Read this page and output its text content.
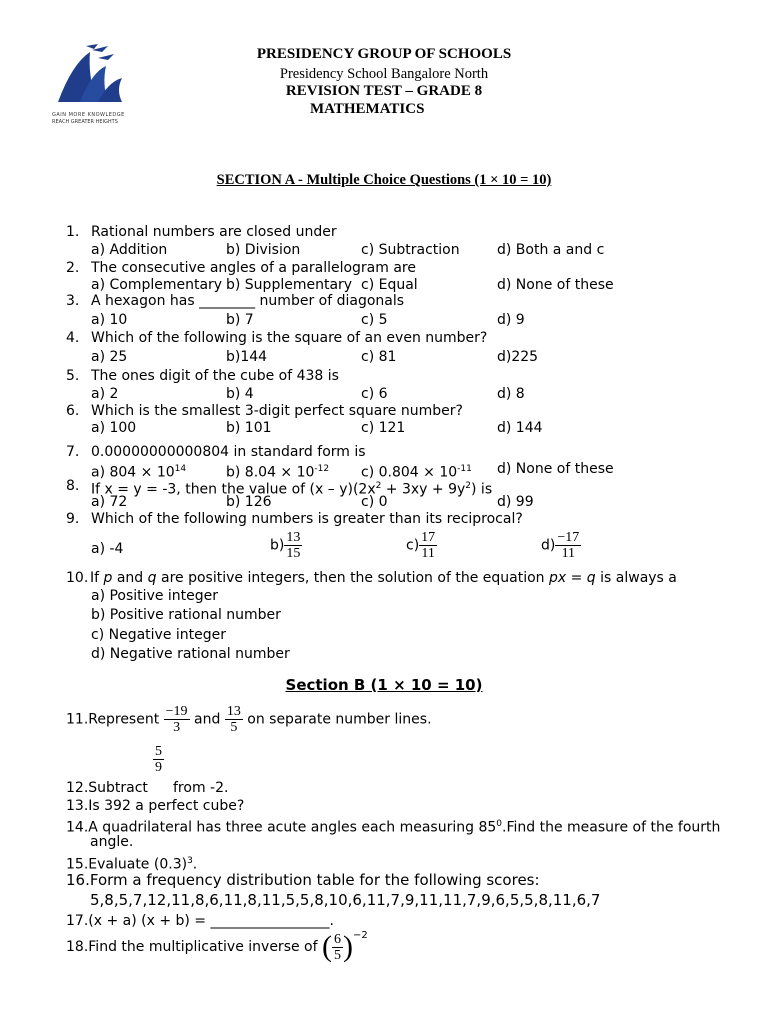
GAIN MORE KNOWLEDGE
REACH GREATER HEIGHTS
PRESIDENCY GROUP OF SCHOOLS
Presidency School Bangalore North
REVISION TEST – GRADE 8
MATHEMATICS
SECTION A - Multiple Choice Questions (1 × 10 = 10)
1. Rational numbers are closed under
a) Addition	b) Division	c) Subtraction	d) Both a and c
2. The consecutive angles of a parallelogram are
a) Complementary b) Supplementary c) Equal	d) None of these
3. A hexagon has ________ number of diagonals
a) 10	b) 7	c) 5	d) 9
4. Which of the following is the square of an even number?
a) 25	b)144	c) 81	d)225
5. The ones digit of the cube of 438 is
a) 2	b) 4	c) 6	d) 8
6. Which is the smallest 3-digit perfect square number?
a) 100	b) 101	c) 121	d) 144
7. 0.00000000000804 in standard form is
a) $804 \times 10^{14}$	b) $8.04 \times 10^{-12}$ c) $0.804 \times 10^{-11}$ d) None of these
8. If x = y = -3, then the value of $(x - y)(2x^2 + 3xy + 9y^2)$ is
a) 72	b) 126	c) 0	d) 99
9. Which of the following numbers is greater than its reciprocal?
a) -4	$b) \frac{13}{15}$	$c) \frac{17}{11}$	$d) \frac{-17}{11}$
10. If p and q are positive integers, then the solution of the equation px = q is always a
a) Positive integer
b) Positive rational number
c) Negative integer
d) Negative rational number
Section B (1 × 10 = 10)
11.Represent $\frac{-19}{3}$ and $\frac{13}{5}$ on separate number lines.
$\frac{5}{9}$
12.Subtract from -2.
13.Is 392 a perfect cube?
14.A quadrilateral has three acute angles each measuring $85^0.Find$ the measure of the fourth
angle.
15.Evaluate $(0.3)^3$.
16.Form a frequency distribution table for the following scores:
5,8,5,7,12,11,8,6,11,8,11,5,5,8,10,6,11,7,9,11,11,7,9,6,5,5,8,11,6,7
17.(x + a) (x + b) = _________________.
18.Find the multiplicative inverse of ( $\frac{6}{5} )^{-2}$
